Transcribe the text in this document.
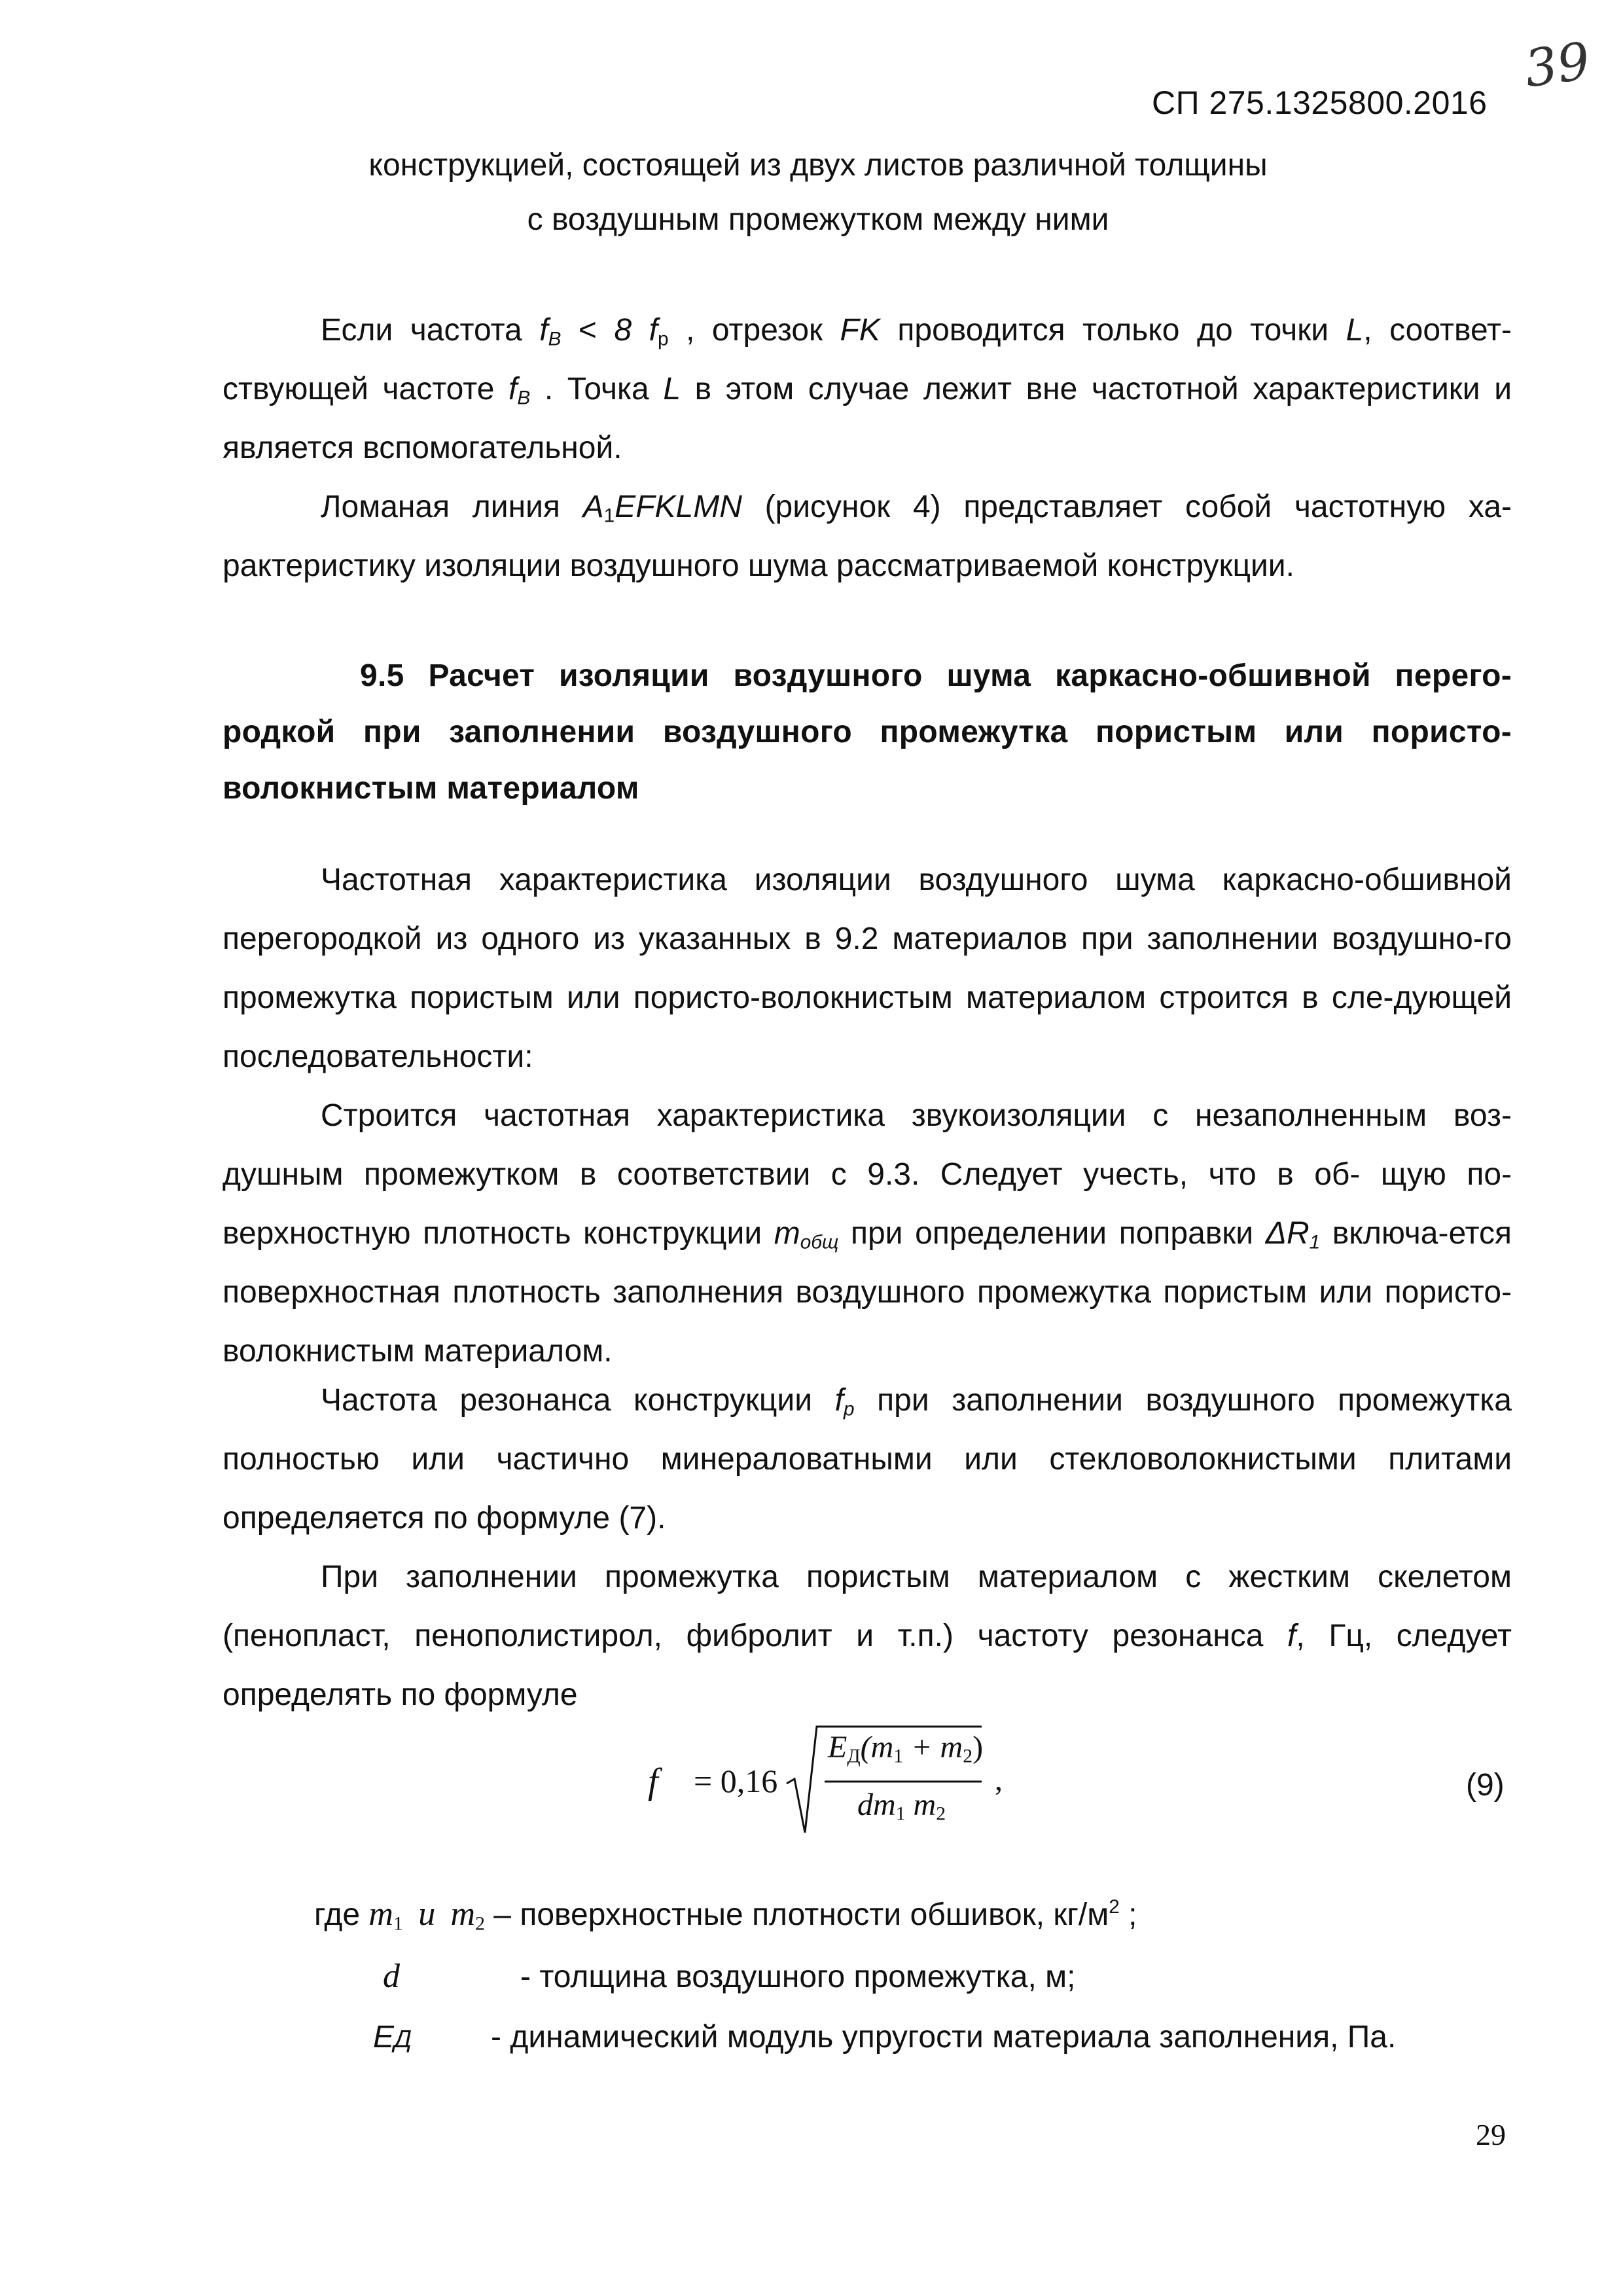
39
СП 275.1325800.2016
конструкцией, состоящей из двух листов различной толщины
с воздушным промежутком между ними
Если частота $f_В < 8$ $f_р$ , отрезок FK проводится только до точки L, соответ-ствующей частоте $f_В$ . Точка L в этом случае лежит вне частотной характеристики и является вспомогательной.
Ломаная линия $A_1EFKLMN$ (рисунок 4) представляет собой частотную ха-рактеристику изоляции воздушного шума рассматриваемой конструкции.
9.5 Расчет изоляции воздушного шума каркасно-обшивной перего-родкой при заполнении воздушного промежутка пористым или пористо-волокнистым материалом
Частотная характеристика изоляции воздушного шума каркасно-обшивной перегородкой из одного из указанных в 9.2 материалов при заполнении воздушно-го промежутка пористым или пористо-волокнистым материалом строится в сле-дующей последовательности:
Строится частотная характеристика звукоизоляции с незаполненным воз-душным промежутком в соответствии с 9.3. Следует учесть, что в об- щую по-верхностную плотность конструкции $m_{общ}$ при определении поправки $\Delta R_1$ включа-ется поверхностная плотность заполнения воздушного промежутка пористым или пористо-волокнистым материалом.
Частота резонанса конструкции $f_р$ при заполнении воздушного промежутка полностью или частично минераловатными или стекловолокнистыми плитами определяется по формуле (7).
При заполнении промежутка пористым материалом с жестким скелетом (пенопласт, пенополистирол, фибролит и т.п.) частоту резонанса f, Гц, следует определять по формуле
f = 0,16
$E_Д(m_1 + m_2)$
$dm_1$ $m_2$
,	(9)
где $m_1$ и $m_2$ – поверхностные плотности обшивок, $кг/м^2$ ;
d	- толщина воздушного промежутка, м;
EД	- динамический модуль упругости материала заполнения, Па.
29
